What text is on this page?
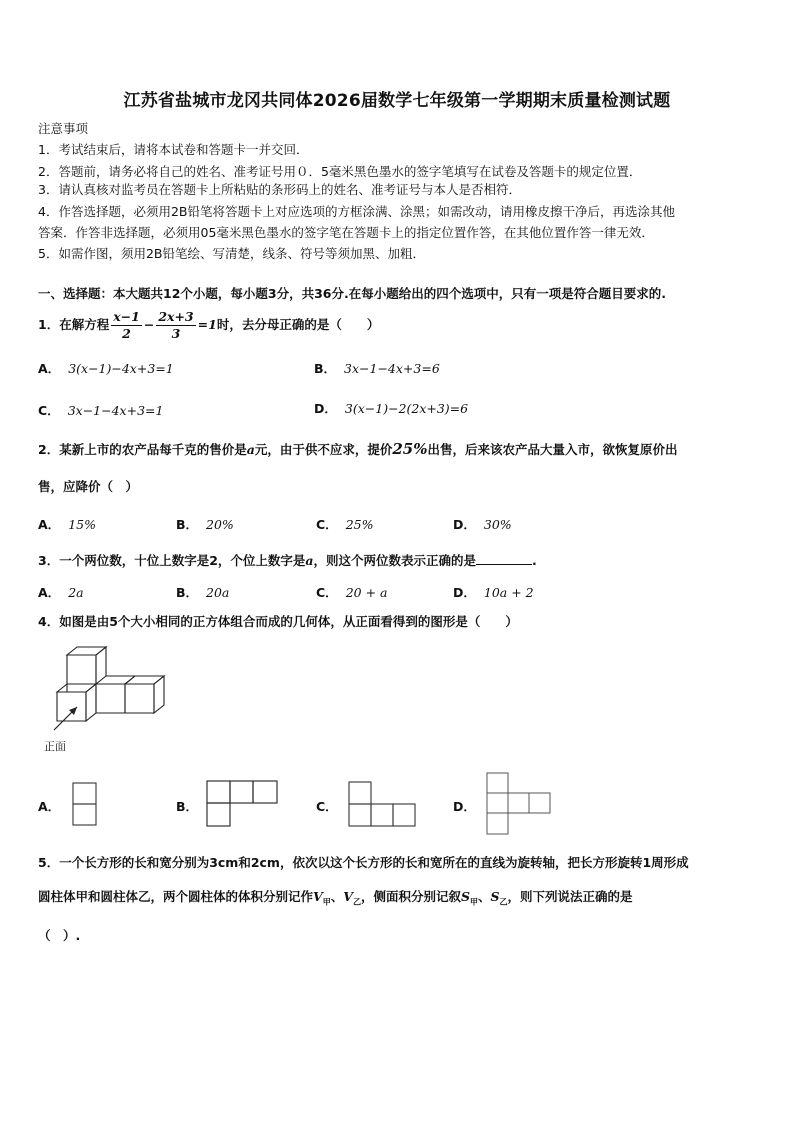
江苏省盐城市龙冈共同体2026届数学七年级第一学期期末质量检测试题
注意事项
1．考试结束后，请将本试卷和答题卡一并交回．
2．答题前，请务必将自己的姓名、准考证号用０．5毫米黑色墨水的签字笔填写在试卷及答题卡的规定位置．
3．请认真核对监考员在答题卡上所粘贴的条形码上的姓名、准考证号与本人是否相符．
4．作答选择题，必须用2B铅笔将答题卡上对应选项的方框涂满、涂黑；如需改动，请用橡皮擦干净后，再选涂其他
答案．作答非选择题，必须用05毫米黑色墨水的签字笔在答题卡上的指定位置作答，在其他位置作答一律无效．
5．如需作图，须用2B铅笔绘、写清楚，线条、符号等须加黑、加粗．
一、选择题：本大题共12个小题，每小题3分，共36分.在每小题给出的四个选项中，只有一项是符合题目要求的.
1．在解方程 $\frac{x-1}{2} - \frac{2x+3}{3} =1$时，去分母正确的是（　　）
A． 3(x−1)−4x+3=1	B． 3x−1−4x+3=6
C． 3x−1−4x+3=1	D． 3(x−1)−2(2x+3)=6
2．某新上市的农产品每千克的售价是a元，由于供不应求，提价25%出售，后来该农产品大量入市，欲恢复原价出
售，应降价（　）
A． 15%	B． 20%	C． 25%	D． 30%
3．一个两位数，十位上数字是2，个位上数字是a，则这个两位数表示正确的是	.
A． 2a	B． 20a	C． 20 + a	D． 10a + 2
4．如图是由5个大小相同的正方体组合而成的几何体，从正面看得到的图形是（　　）
正面
A．	B．	C．	D．
5．一个长方形的长和宽分别为3cm和2cm，依次以这个长方形的长和宽所在的直线为旋转轴，把长方形旋转1周形成
圆柱体甲和圆柱体乙，两个圆柱体的体积分别记作$V_甲$、$V_乙$，侧面积分别记叙$S_甲$、$S_乙$，则下列说法正确的是
（　）.
